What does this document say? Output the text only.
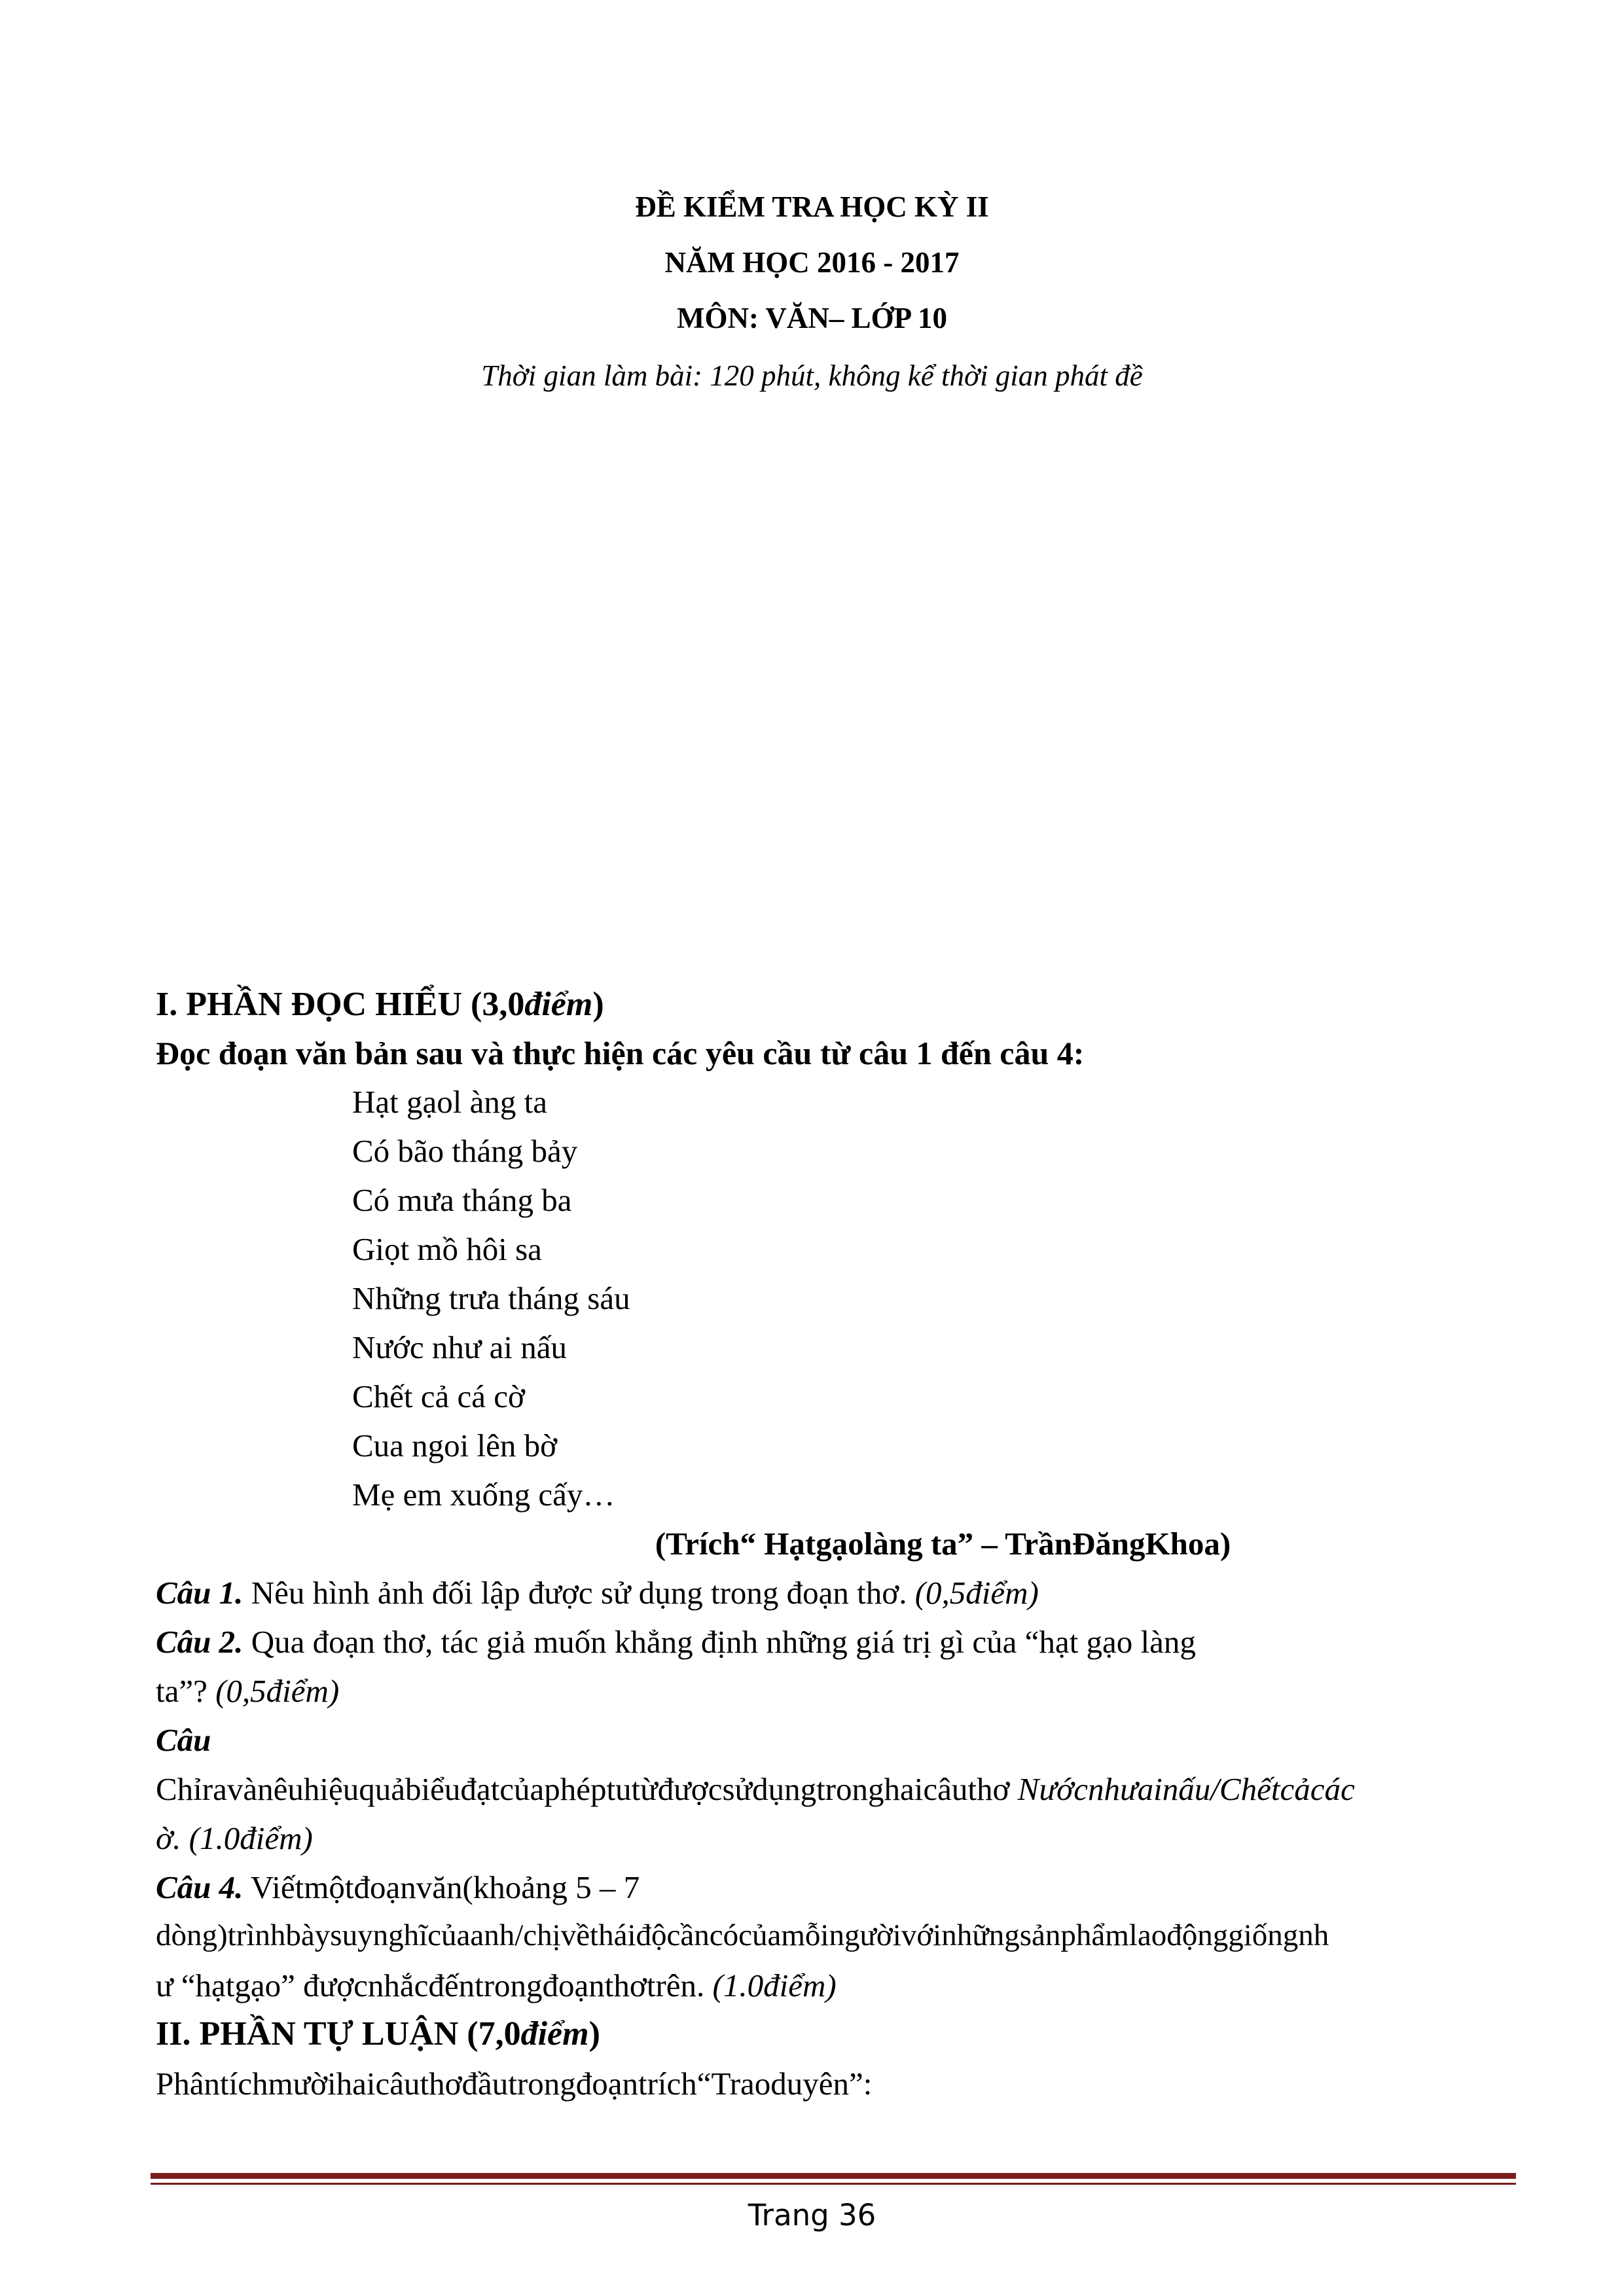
ĐỀ KIỂM TRA HỌC KỲ II
NĂM HỌC 2016 - 2017
MÔN: VĂN– LỚP 10
Thời gian làm bài: 120 phút, không kể thời gian phát đề
I. PHẦN ĐỌC HIỂU (3,0điểm)
Đọc đoạn văn bản sau và thực hiện các yêu cầu từ câu 1 đến câu 4:
Hạt gạol àng ta
Có bão tháng bảy
Có mưa tháng ba
Giọt mồ hôi sa
Những trưa tháng sáu
Nước như ai nấu
Chết cả cá cờ
Cua ngoi lên bờ
Mẹ em xuống cấy…
(Trích“ Hạtgạolàng ta” – TrầnĐăngKhoa)
Câu 1. Nêu hình ảnh đối lập được sử dụng trong đoạn thơ. (0,5điểm)
Câu 2. Qua đoạn thơ, tác giả muốn khẳng định những giá trị gì của “hạt gạo làng
ta”? (0,5điểm)
Câu
Chỉravànêuhiệuquảbiểuđạtcủaphéptutừđượcsửdụngtronghaicâuthơ Nướcnhưainấu/Chếtcảcác
ờ. (1.0điểm)
Câu 4. Viếtmộtđoạnvăn(khoảng 5 – 7
dòng)trìnhbàysuynghĩcủaanh/chịvềtháiđộcầncócủamỗingườivớinhữngsảnphẩmlaođộnggiốngnh
ư “hạtgạo” đượcnhắcđếntrongđoạnthơtrên. (1.0điểm)
II. PHẦN TỰ LUẬN (7,0điểm)
Phântíchmườihaicâuthơđầutrongđoạntrích“Traoduyên”:
Trang 36
